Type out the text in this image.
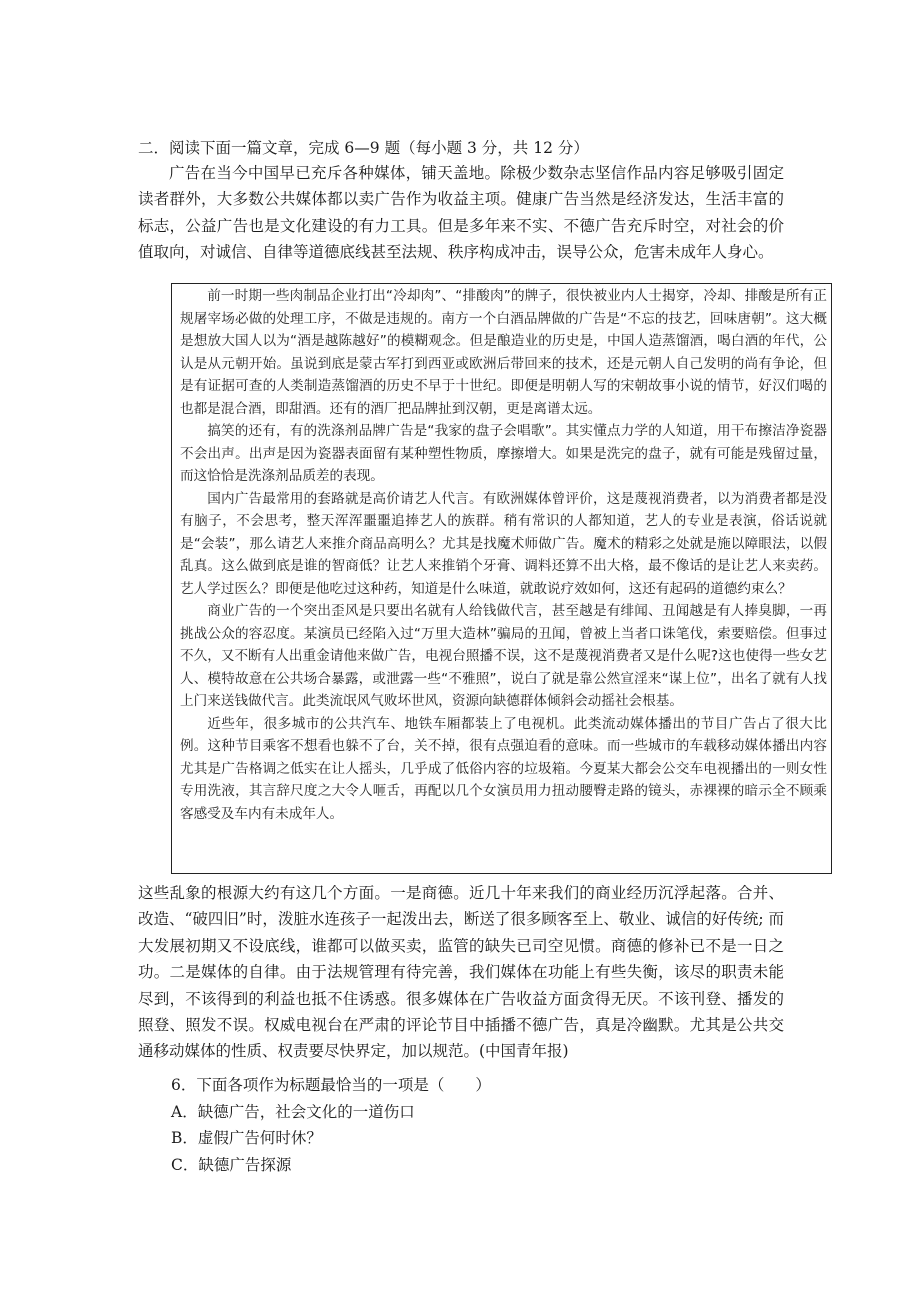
二．阅读下面一篇文章，完成 6—9 题（每小题 3 分，共 12 分）

广告在当今中国早已充斥各种媒体，铺天盖地。除极少数杂志坚信作品内容足够吸引固定读者群外，大多数公共媒体都以卖广告作为收益主项。健康广告当然是经济发达，生活丰富的标志，公益广告也是文化建设的有力工具。但是多年来不实、不德广告充斥时空，对社会的价值取向，对诚信、自律等道德底线甚至法规、秩序构成冲击，误导公众，危害未成年人身心。

前一时期一些肉制品企业打出“冷却肉”、“排酸肉”的牌子，很快被业内人士揭穿，冷却、排酸是所有正规屠宰场必做的处理工序，不做是违规的。南方一个白酒品牌做的广告是“不忘的技艺，回味唐朝”。这大概是想放大国人以为“酒是越陈越好”的模糊观念。但是酿造业的历史是，中国人造蒸馏酒，喝白酒的年代，公认是从元朝开始。虽说到底是蒙古军打到西亚或欧洲后带回来的技术，还是元朝人自己发明的尚有争论，但是有证据可查的人类制造蒸馏酒的历史不早于十世纪。即便是明朝人写的宋朝故事小说的情节，好汉们喝的也都是混合酒，即甜酒。还有的酒厂把品牌扯到汉朝，更是离谱太远。

搞笑的还有，有的洗涤剂品牌广告是“我家的盘子会唱歌”。其实懂点力学的人知道，用干布擦洁净瓷器不会出声。出声是因为瓷器表面留有某种塑性物质，摩擦增大。如果是洗完的盘子，就有可能是残留过量，而这恰恰是洗涤剂品质差的表现。

国内广告最常用的套路就是高价请艺人代言。有欧洲媒体曾评价，这是蔑视消费者，以为消费者都是没有脑子，不会思考，整天浑浑噩噩追捧艺人的族群。稍有常识的人都知道，艺人的专业是表演，俗话说就是“会装”，那么请艺人来推介商品高明么？尤其是找魔术师做广告。魔术的精彩之处就是施以障眼法，以假乱真。这么做到底是谁的智商低？让艺人来推销个牙膏、调料还算不出大格，最不像话的是让艺人来卖药。艺人学过医么？即便是他吃过这种药，知道是什么味道，就敢说疗效如何，这还有起码的道德约束么？

商业广告的一个突出歪风是只要出名就有人给钱做代言，甚至越是有绯闻、丑闻越是有人捧臭脚，一再挑战公众的容忍度。某演员已经陷入过“万里大造林”骗局的丑闻，曾被上当者口诛笔伐，索要赔偿。但事过不久，又不断有人出重金请他来做广告，电视台照播不误，这不是蔑视消费者又是什么呢?这也使得一些女艺人、模特故意在公共场合暴露，或泄露一些“不雅照”，说白了就是靠公然宣淫来“谋上位”，出名了就有人找上门来送钱做代言。此类流氓风气败坏世风，资源向缺德群体倾斜会动摇社会根基。

近些年，很多城市的公共汽车、地铁车厢都装上了电视机。此类流动媒体播出的节目广告占了很大比例。这种节目乘客不想看也躲不了台，关不掉，很有点强迫看的意味。而一些城市的车载移动媒体播出内容尤其是广告格调之低实在让人摇头，几乎成了低俗内容的垃圾箱。今夏某大都会公交车电视播出的一则女性专用洗液，其言辞尺度之大令人咂舌，再配以几个女演员用力扭动腰臀走路的镜头，赤裸裸的暗示全不顾乘客感受及车内有未成年人。

这些乱象的根源大约有这几个方面。一是商德。近几十年来我们的商业经历沉浮起落。合并、改造、“破四旧”时，泼脏水连孩子一起泼出去，断送了很多顾客至上、敬业、诚信的好传统; 而大发展初期又不设底线，谁都可以做买卖，监管的缺失已司空见惯。商德的修补已不是一日之功。二是媒体的自律。由于法规管理有待完善，我们媒体在功能上有些失衡，该尽的职责未能尽到，不该得到的利益也抵不住诱惑。很多媒体在广告收益方面贪得无厌。不该刊登、播发的照登、照发不误。权威电视台在严肃的评论节目中插播不德广告，真是冷幽默。尤其是公共交通移动媒体的性质、权责要尽快界定，加以规范。(中国青年报)

6．下面各项作为标题最恰当的一项是（　　）
A．缺德广告，社会文化的一道伤口
B．虚假广告何时休？
C．缺德广告探源
